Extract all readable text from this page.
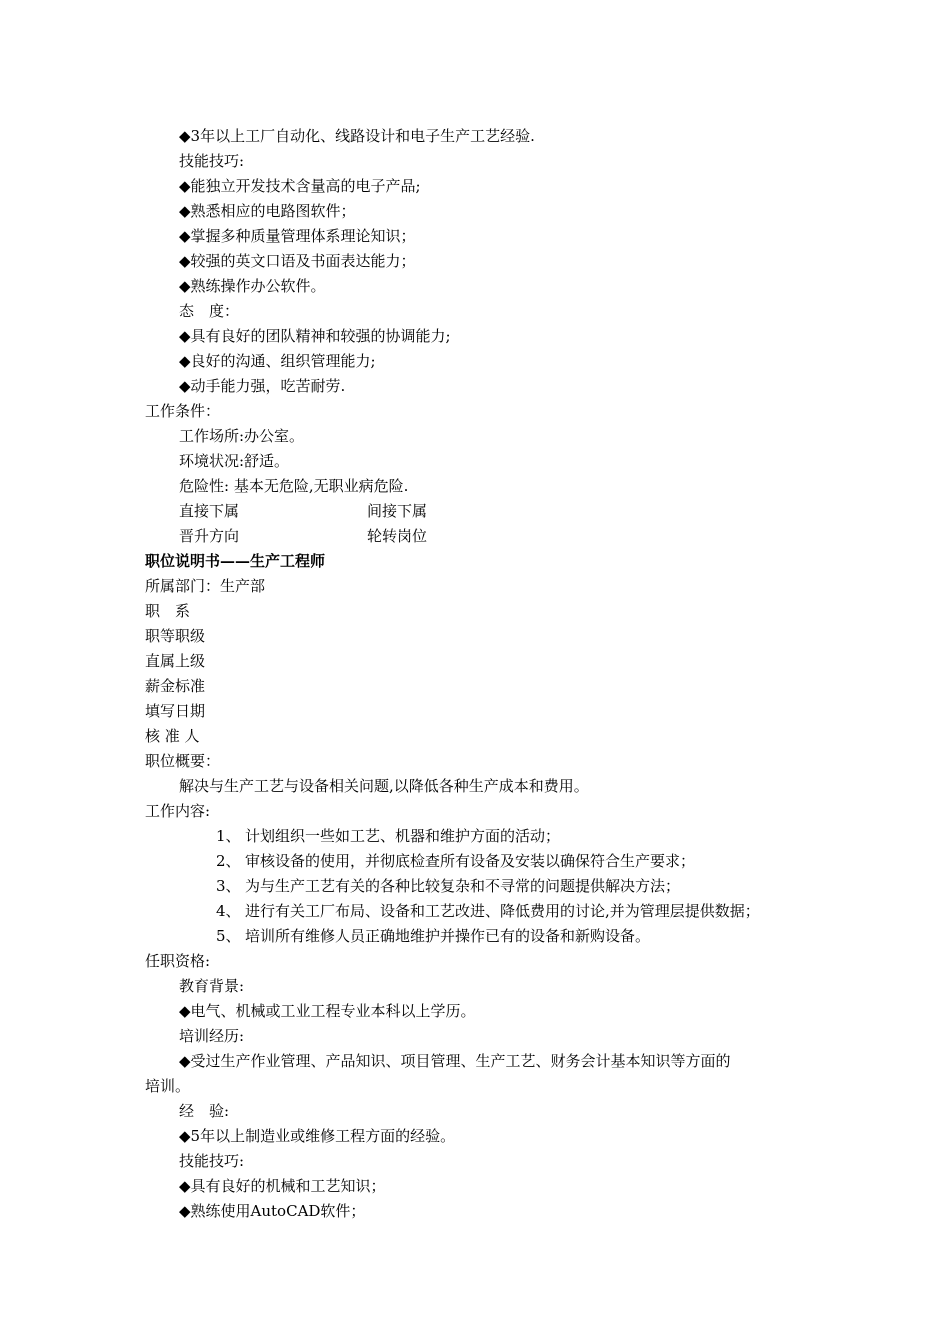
◆3年以上工厂自动化、线路设计和电子生产工艺经验.
技能技巧:
◆能独立开发技术含量高的电子产品;
◆熟悉相应的电路图软件；
◆掌握多种质量管理体系理论知识；
◆较强的英文口语及书面表达能力；
◆熟练操作办公软件。
态　度：
◆具有良好的团队精神和较强的协调能力;
◆良好的沟通、组织管理能力;
◆动手能力强，吃苦耐劳.
工作条件：
工作场所:办公室。
环境状况:舒适。
危险性: 基本无危险,无职业病危险.
直接下属	间接下属
晋升方向	轮转岗位
职位说明书——生产工程师
所属部门：生产部
职　系
职等职级
直属上级
薪金标准
填写日期
核 准 人
职位概要：
解决与生产工艺与设备相关问题,以降低各种生产成本和费用。
工作内容:
1、 计划组织一些如工艺、机器和维护方面的活动；
2、 审核设备的使用，并彻底检查所有设备及安装以确保符合生产要求；
3、 为与生产工艺有关的各种比较复杂和不寻常的问题提供解决方法；
4、 进行有关工厂布局、设备和工艺改进、降低费用的讨论,并为管理层提供数据；
5、 培训所有维修人员正确地维护并操作已有的设备和新购设备。
任职资格:
教育背景:
◆电气、机械或工业工程专业本科以上学历。
培训经历:
◆受过生产作业管理、产品知识、项目管理、生产工艺、财务会计基本知识等方面的
培训。
经　验:
◆5年以上制造业或维修工程方面的经验。
技能技巧:
◆具有良好的机械和工艺知识；
◆熟练使用AutoCAD软件；
